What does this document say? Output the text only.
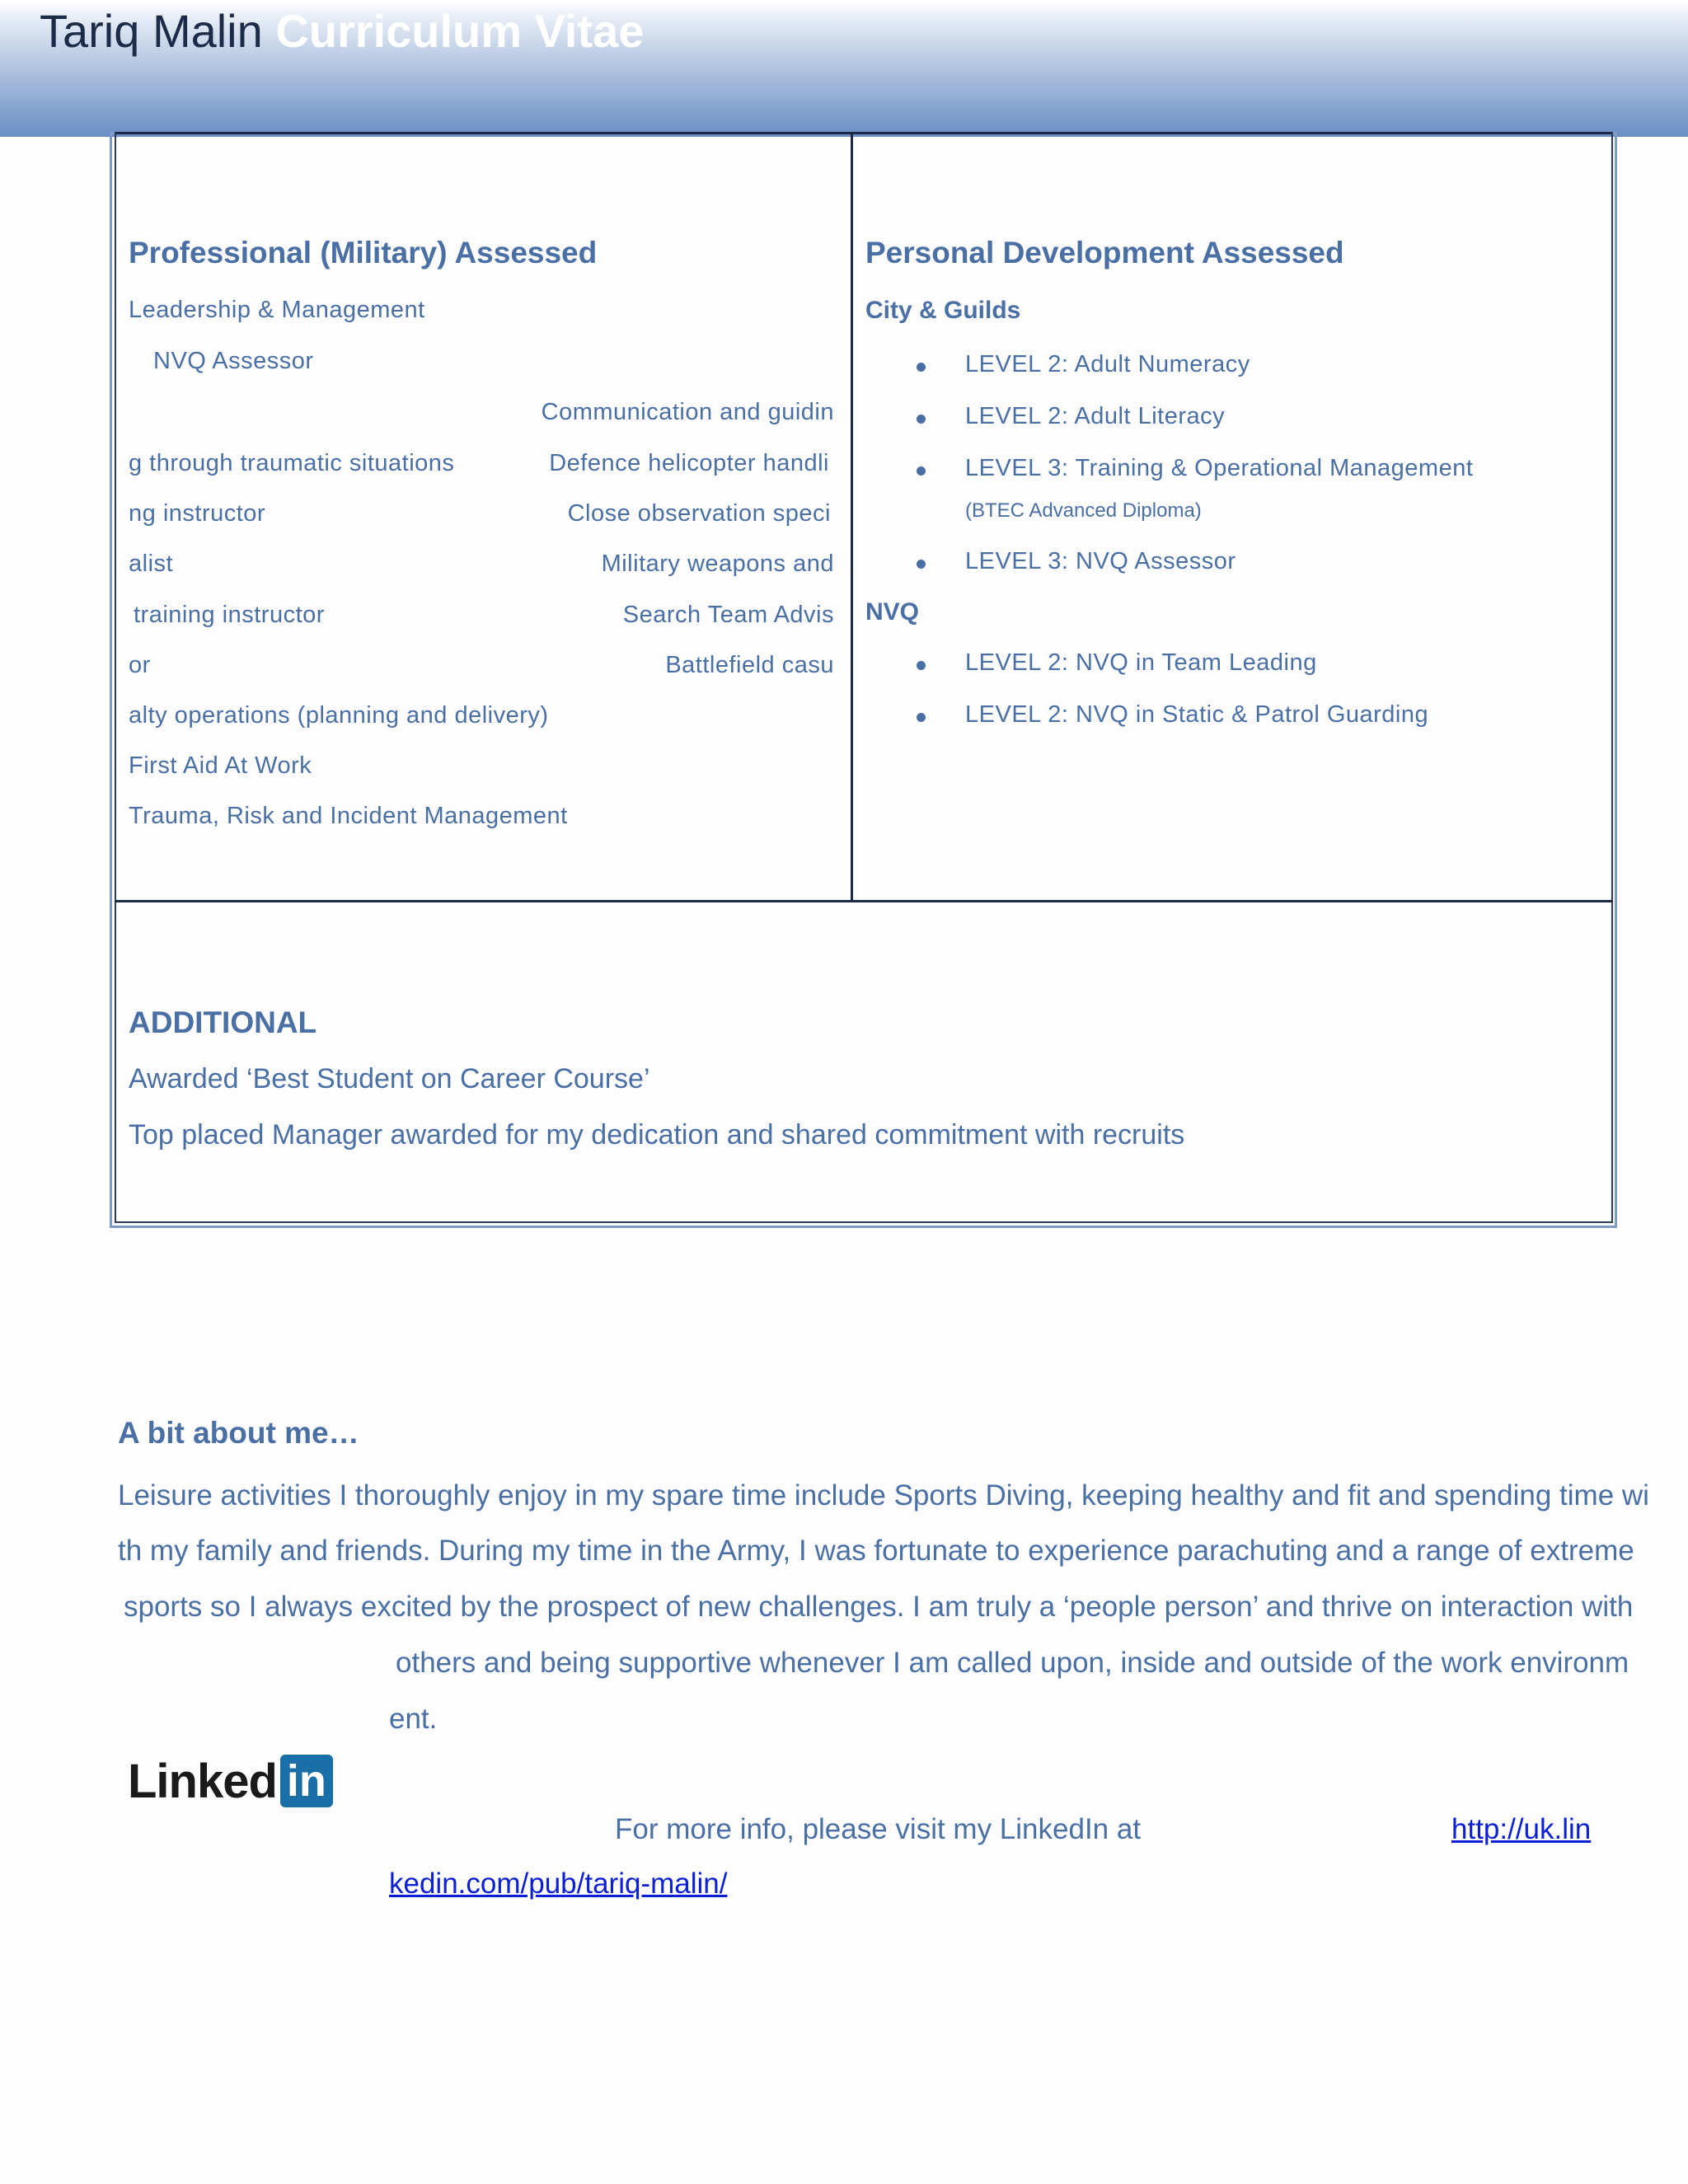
Tariq Malin Curriculum Vitae
Professional (Military) Assessed
Leadership & Management
NVQ Assessor
Communication and guidin
g through traumatic situations	Defence helicopter handli
ng instructor	Close observation speci
alist	Military weapons and
training instructor	Search Team Advis
or	Battlefield casu
alty operations (planning and delivery)
First Aid At Work
Trauma, Risk and Incident Management
Personal Development Assessed
City & Guilds
LEVEL 2: Adult Numeracy
LEVEL 2: Adult Literacy
LEVEL 3: Training & Operational Management
(BTEC Advanced Diploma)
LEVEL 3: NVQ Assessor
NVQ
LEVEL 2: NVQ in Team Leading
LEVEL 2: NVQ in Static & Patrol Guarding
ADDITIONAL
Awarded ‘Best Student on Career Course’
Top placed Manager awarded for my dedication and shared commitment with recruits
A bit about me…
Leisure activities I thoroughly enjoy in my spare time include Sports Diving, keeping healthy and fit and spending time wi
th my family and friends. During my time in the Army, I was fortunate to experience parachuting and a range of extreme
sports so I always excited by the prospect of new challenges. I am truly a ‘people person’ and thrive on interaction with
others and being supportive whenever I am called upon, inside and outside of the work environm
ent.
Linked in
For more info, please visit my LinkedIn at	http://uk.lin
kedin.com/pub/tariq-malin/
